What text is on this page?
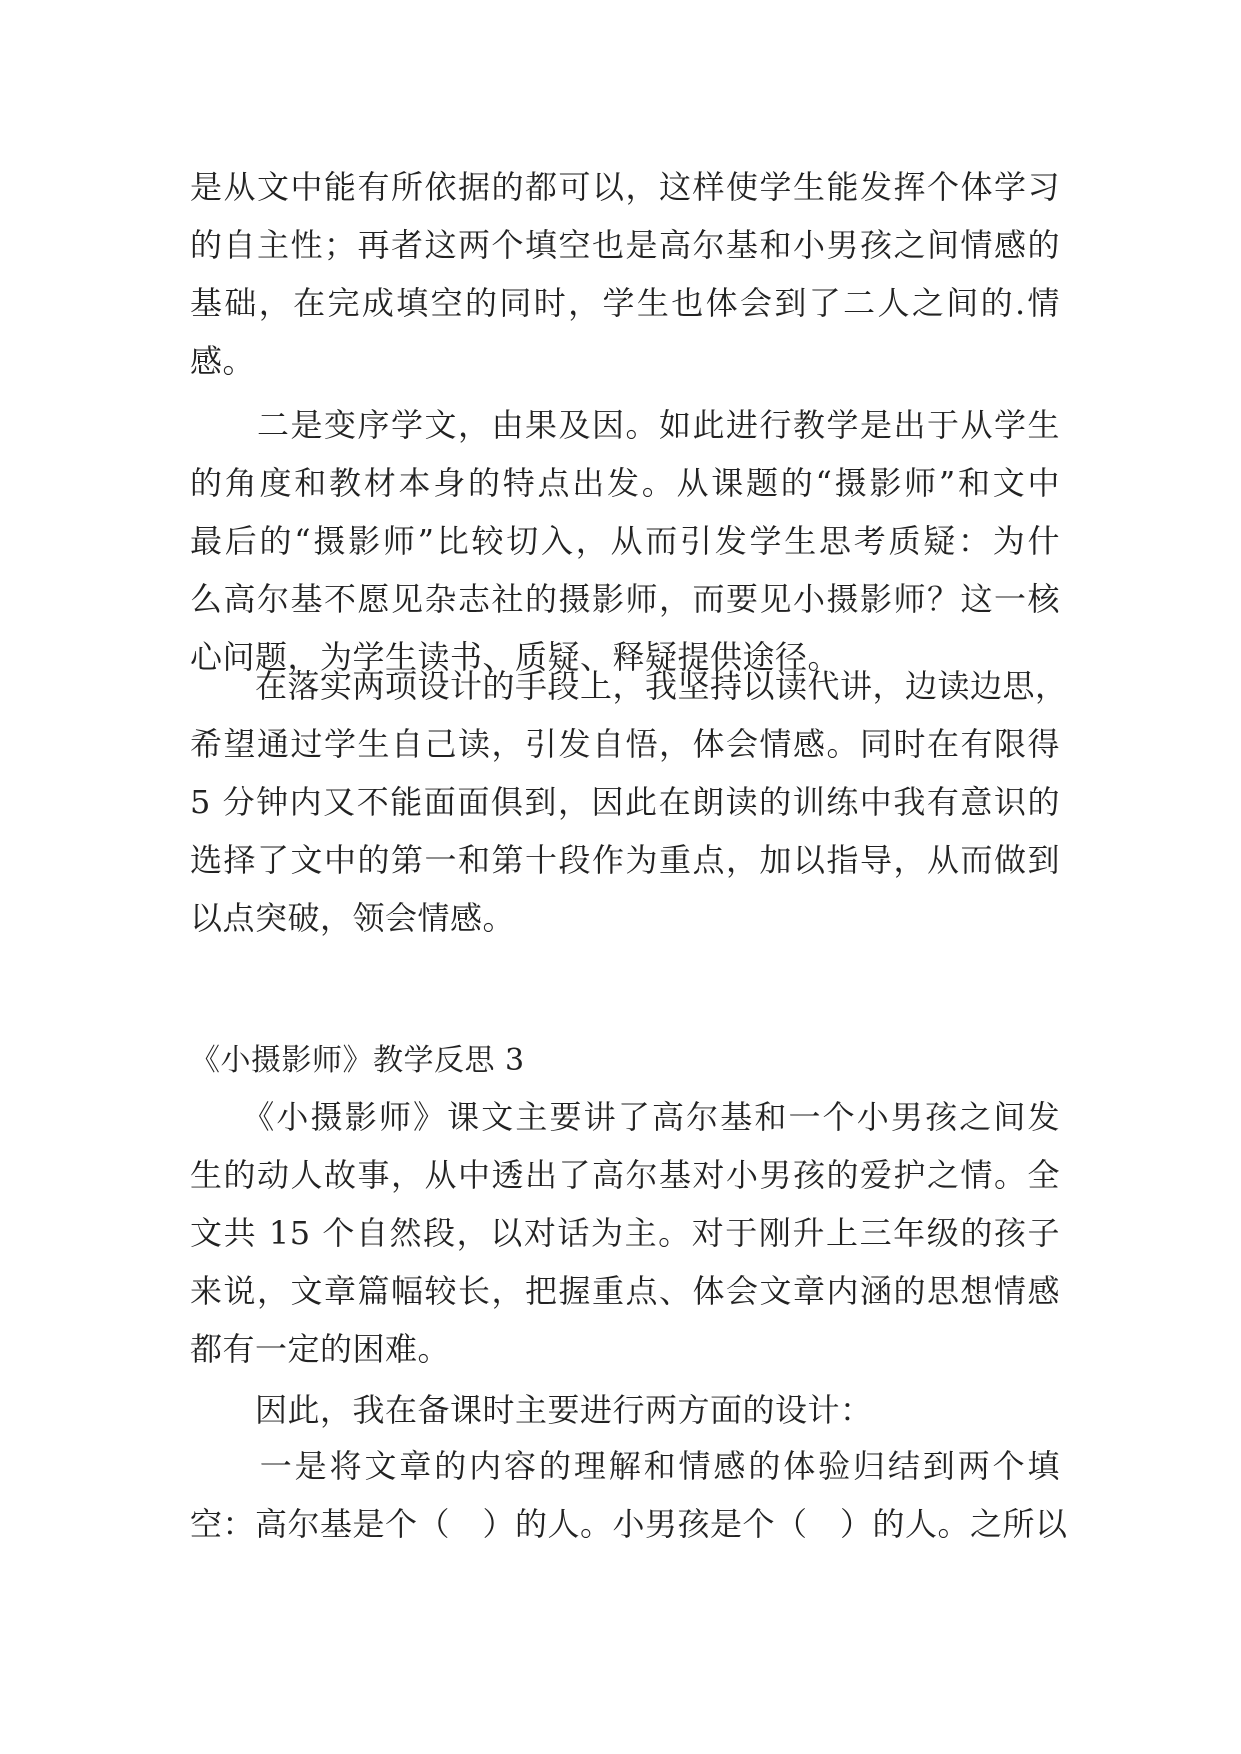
是从文中能有所依据的都可以，这样使学生能发挥个体学习
的自主性；再者这两个填空也是高尔基和小男孩之间情感的
基础，在完成填空的同时，学生也体会到了二人之间的.情
感。
　　二是变序学文，由果及因。如此进行教学是出于从学生
的角度和教材本身的特点出发。从课题的“摄影师”和文中
最后的“摄影师”比较切入，从而引发学生思考质疑：为什
么高尔基不愿见杂志社的摄影师，而要见小摄影师？这一核
心问题，为学生读书、质疑、释疑提供途径。
　　在落实两项设计的手段上，我坚持以读代讲，边读边思，
希望通过学生自己读，引发自悟，体会情感。同时在有限得
5 分钟内又不能面面俱到，因此在朗读的训练中我有意识的
选择了文中的第一和第十段作为重点，加以指导，从而做到
以点突破，领会情感。
《小摄影师》教学反思 3
　　《小摄影师》课文主要讲了高尔基和一个小男孩之间发
生的动人故事，从中透出了高尔基对小男孩的爱护之情。全
文共 15 个自然段，以对话为主。对于刚升上三年级的孩子
来说，文章篇幅较长，把握重点、体会文章内涵的思想情感
都有一定的困难。
　　因此，我在备课时主要进行两方面的设计：
　　一是将文章的内容的理解和情感的体验归结到两个填
空：高尔基是个（　）的人。小男孩是个（　）的人。之所以
